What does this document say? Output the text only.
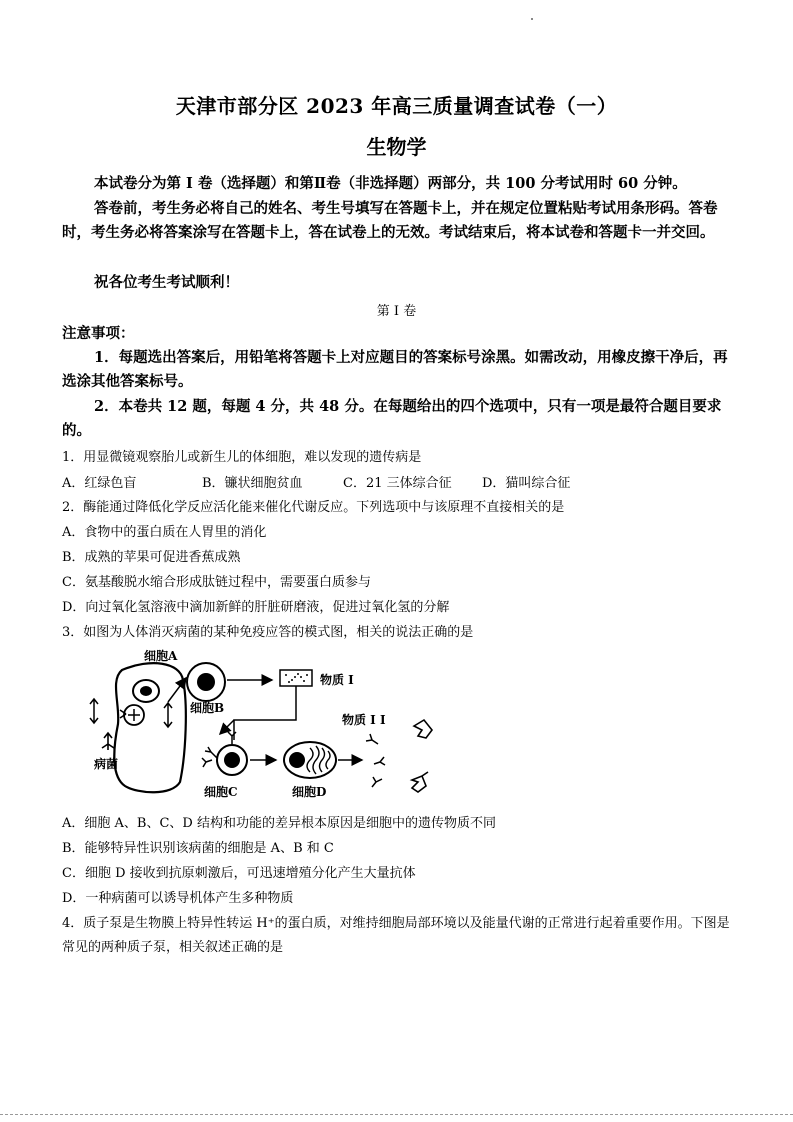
天津市部分区 2023 年高三质量调查试卷（一）
生物学
本试卷分为第 I 卷（选择题）和第Ⅱ卷（非选择题）两部分，共 100 分考试用时 60 分钟。
答卷前，考生务必将自己的姓名、考生号填写在答题卡上，并在规定位置粘贴考试用条形码。答卷时，考生务必将答案涂写在答题卡上，答在试卷上的无效。考试结束后，将本试卷和答题卡一并交回。
祝各位考生考试顺利！
第 I 卷
注意事项：
1．每题选出答案后，用铅笔将答题卡上对应题目的答案标号涂黑。如需改动，用橡皮擦干净后，再选涂其他答案标号。
2．本卷共 12 题，每题 4 分，共 48 分。在每题给出的四个选项中，只有一项是最符合题目要求的。
1．用显微镜观察胎儿或新生儿的体细胞，难以发现的遗传病是
A．红绿色盲	B．镰状细胞贫血	C．21 三体综合征 D．猫叫综合征
2．酶能通过降低化学反应活化能来催化代谢反应。下列选项中与该原理不直接相关的是
A．食物中的蛋白质在人胃里的消化
B．成熟的苹果可促进香蕉成熟
C．氨基酸脱水缩合形成肽链过程中，需要蛋白质参与
D．向过氧化氢溶液中滴加新鲜的肝脏研磨液，促进过氧化氢的分解
3．如图为人体消灭病菌的某种免疫应答的模式图，相关的说法正确的是
细胞A
病菌
细胞B
物质 I
细胞C	细胞D
物质 I I
A．细胞 A、B、C、D 结构和功能的差异根本原因是细胞中的遗传物质不同
B．能够特异性识别该病菌的细胞是 A、B 和 C
C．细胞 D 接收到抗原刺激后，可迅速增殖分化产生大量抗体
D．一种病菌可以诱导机体产生多种物质
4．质子泵是生物膜上特异性转运 H⁺的蛋白质，对维持细胞局部环境以及能量代谢的正常进行起着重要作用。下图是常见的两种质子泵，相关叙述正确的是
